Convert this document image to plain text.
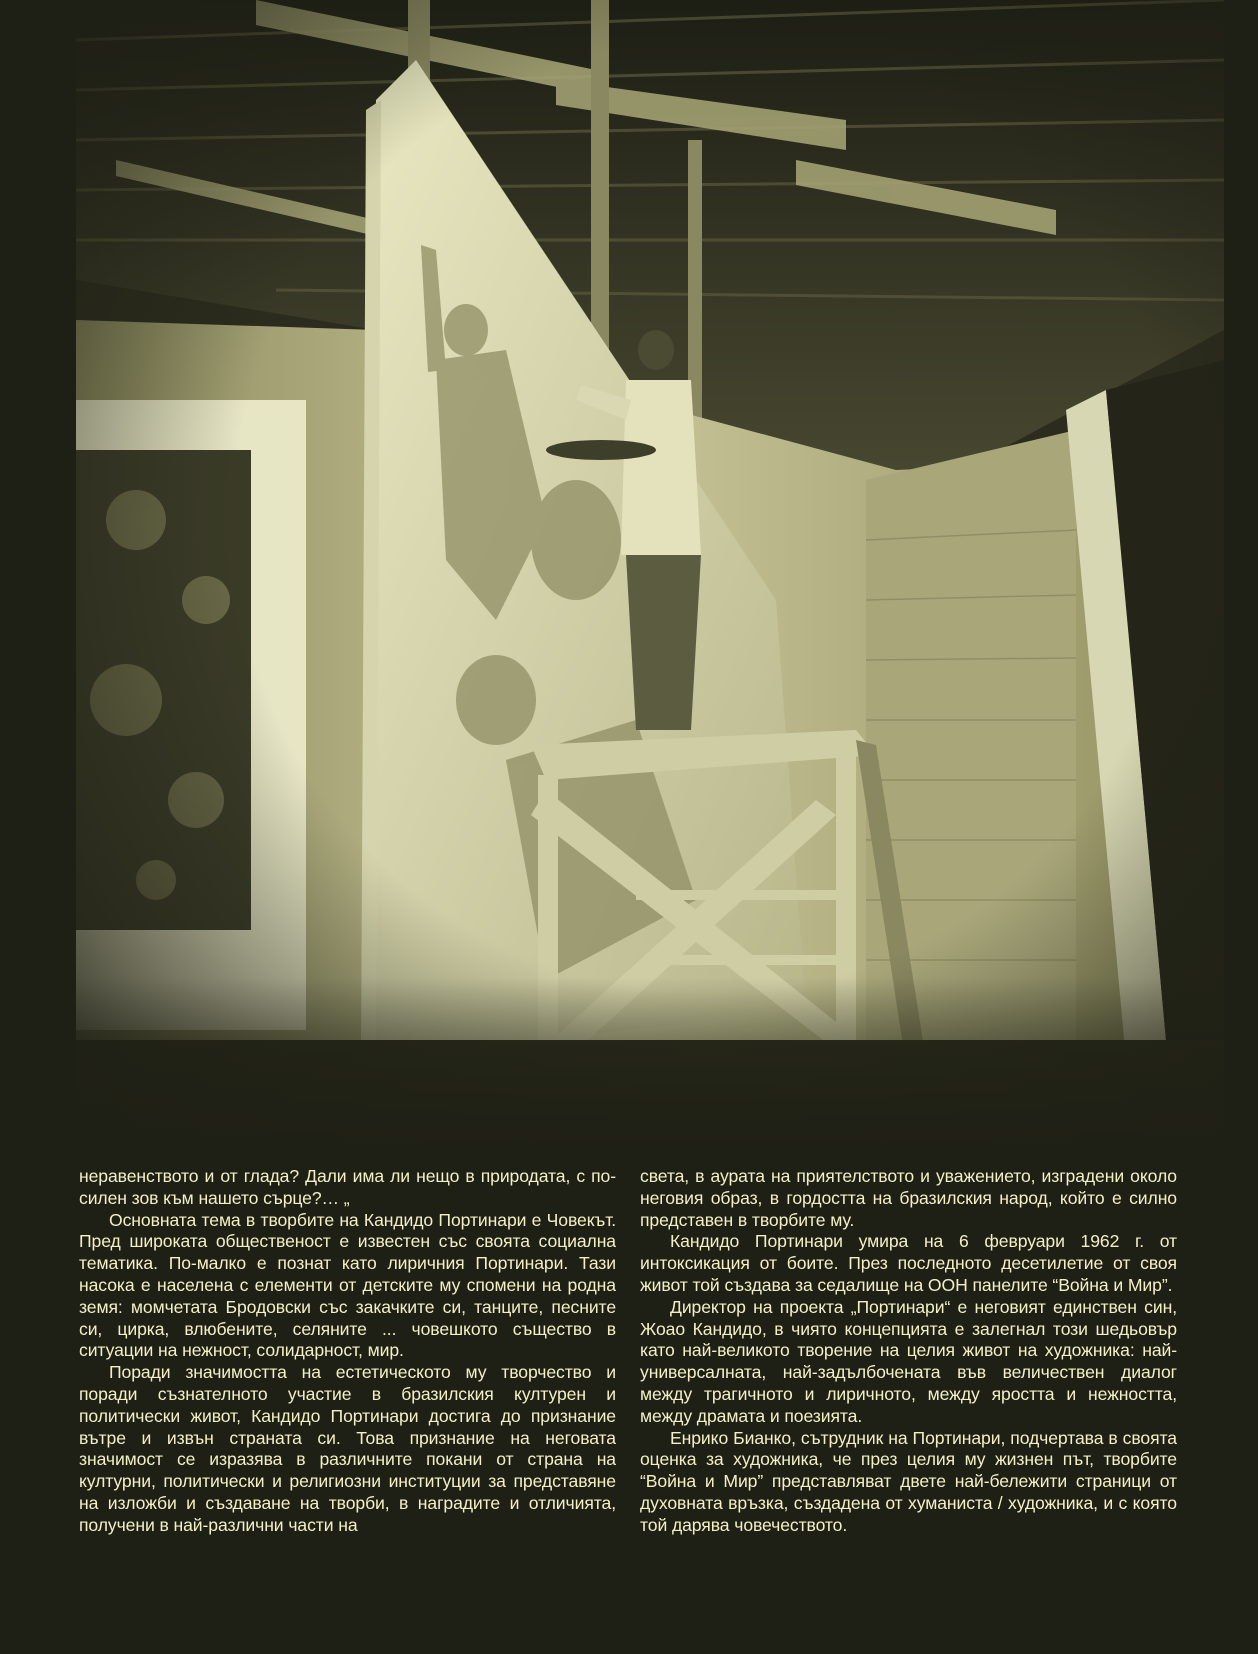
неравенството и от глада? Дали има ли нещо в природата, с по-силен зов към нашето сърце?… „

Основната тема в творбите на Кандидо Портинари е Човекът. Пред широката общественост е известен със своята социална тематика. По-малко е познат като лиричния Портинари. Тази насока е населена с елементи от детските му спомени на родна земя: момчетата Бродовски със закачките си, танците, песните си, цирка, влюбените, селяните ... човешкото същество в ситуации на нежност, солидарност, мир.

Поради значимостта на естетическото му творчество и поради съзнателното участие в бразилския културен и политически живот, Кандидо Портинари достига до признание вътре и извън страната си. Това признание на неговата значимост се изразява в различните покани от страна на културни, политически и религиозни институции за представяне на изложби и създаване на творби, в наградите и отличията, получени в най-различни части на

света, в аурата на приятелството и уважението, изградени около неговия образ, в гордостта на бразилския народ, който е силно представен в творбите му.

Кандидо Портинари умира на 6 февруари 1962 г. от интоксикация от боите. През последното десетилетие от своя живот той създава за седалище на ООН панелите “Война и Мир”.

Директор на проекта „Портинари“ е неговият единствен син, Жоао Кандидо, в чиято концепцията е залегнал този шедьовър като най-великото творение на целия живот на художника: най-универсалната, най-задълбочената във величествен диалог между трагичното и лиричното, между яростта и нежността, между драмата и поезията.

Енрико Бианко, сътрудник на Портинари, подчертава в своята оценка за художника, че през целия му жизнен път, творбите “Война и Мир” представляват двете най-бележити страници от духовната връзка, създадена от хуманиста / художника, и с която той дарява човечеството.
